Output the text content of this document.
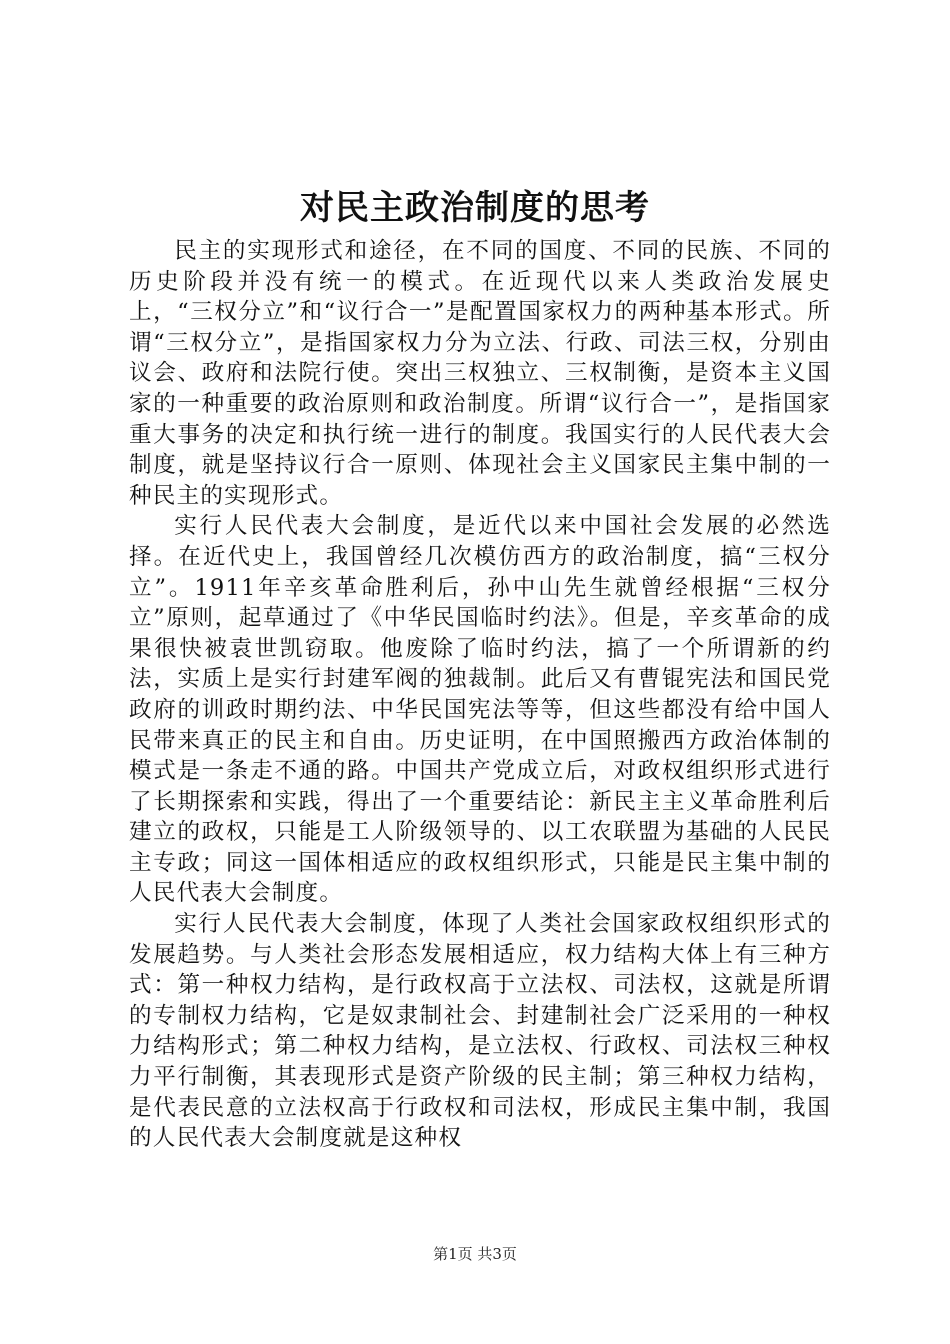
对民主政治制度的思考

民主的实现形式和途径，在不同的国度、不同的民族、不同的历史阶段并没有统一的模式。在近现代以来人类政治发展史上，“三权分立”和“议行合一”是配置国家权力的两种基本形式。所谓“三权分立”，是指国家权力分为立法、行政、司法三权，分别由议会、政府和法院行使。突出三权独立、三权制衡，是资本主义国家的一种重要的政治原则和政治制度。所谓“议行合一”，是指国家重大事务的决定和执行统一进行的制度。我国实行的人民代表大会制度，就是坚持议行合一原则、体现社会主义国家民主集中制的一种民主的实现形式。

实行人民代表大会制度，是近代以来中国社会发展的必然选择。在近代史上，我国曾经几次模仿西方的政治制度，搞“三权分立”。1911年辛亥革命胜利后，孙中山先生就曾经根据“三权分立”原则，起草通过了《中华民国临时约法》。但是，辛亥革命的成果很快被袁世凯窃取。他废除了临时约法，搞了一个所谓新的约法，实质上是实行封建军阀的独裁制。此后又有曹锟宪法和国民党政府的训政时期约法、中华民国宪法等等，但这些都没有给中国人民带来真正的民主和自由。历史证明，在中国照搬西方政治体制的模式是一条走不通的路。中国共产党成立后，对政权组织形式进行了长期探索和实践，得出了一个重要结论：新民主主义革命胜利后建立的政权，只能是工人阶级领导的、以工农联盟为基础的人民民主专政；同这一国体相适应的政权组织形式，只能是民主集中制的人民代表大会制度。

实行人民代表大会制度，体现了人类社会国家政权组织形式的发展趋势。与人类社会形态发展相适应，权力结构大体上有三种方式：第一种权力结构，是行政权高于立法权、司法权，这就是所谓的专制权力结构，它是奴隶制社会、封建制社会广泛采用的一种权力结构形式；第二种权力结构，是立法权、行政权、司法权三种权力平行制衡，其表现形式是资产阶级的民主制；第三种权力结构，是代表民意的立法权高于行政权和司法权，形成民主集中制，我国的人民代表大会制度就是这种权

第1页 共3页
